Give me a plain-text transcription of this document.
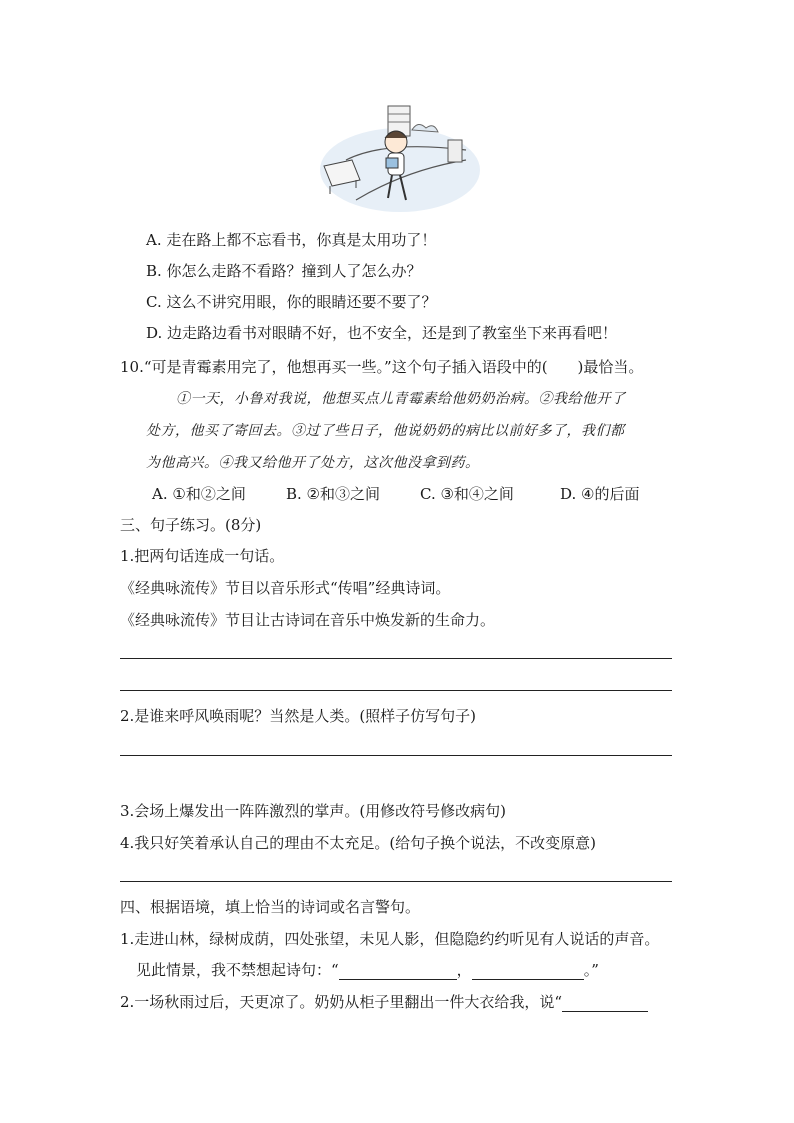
A. 走在路上都不忘看书，你真是太用功了！
B. 你怎么走路不看路？撞到人了怎么办？
C. 这么不讲究用眼，你的眼睛还要不要了？
D. 边走路边看书对眼睛不好，也不安全，还是到了教室坐下来再看吧！
10.“可是青霉素用完了，他想再买一些。”这个句子插入语段中的(　　)最恰当。
①一天，小鲁对我说，他想买点儿青霉素给他奶奶治病。②我给他开了
处方，他买了寄回去。③过了些日子，他说奶奶的病比以前好多了，我们都
为他高兴。④我又给他开了处方，这次他没拿到药。
A. ①和②之间	B. ②和③之间	C. ③和④之间	D. ④的后面
三、句子练习。(8分)
1.把两句话连成一句话。
《经典咏流传》节目以音乐形式“传唱”经典诗词。
《经典咏流传》节目让古诗词在音乐中焕发新的生命力。
2.是谁来呼风唤雨呢？当然是人类。(照样子仿写句子)
3.会场上爆发出一阵阵激烈的掌声。(用修改符号修改病句)
4.我只好笑着承认自己的理由不太充足。(给句子换个说法，不改变原意)
四、根据语境，填上恰当的诗词或名言警句。
1.走进山林，绿树成荫，四处张望，未见人影，但隐隐约约听见有人说话的声音。
见此情景，我不禁想起诗句：“	，	。”
2.一场秋雨过后，天更凉了。奶奶从柜子里翻出一件大衣给我，说“
